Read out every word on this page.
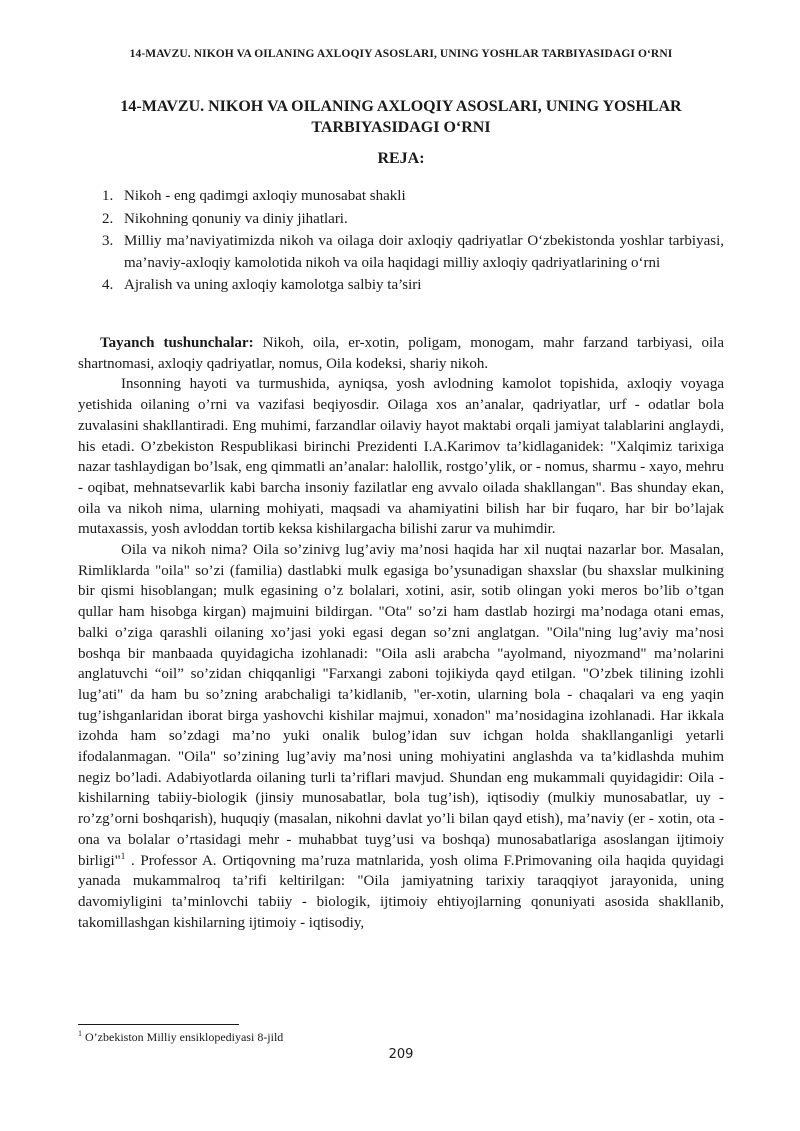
14-MAVZU. NIKOH VA OILANING AXLOQIY ASOSLARI, UNING YOSHLAR TARBIYASIDAGI O‘RNI
14-MAVZU. NIKOH VA OILANING AXLOQIY ASOSLARI, UNING YOSHLAR
TARBIYASIDAGI O‘RNI
REJA:
1. Nikoh - eng qadimgi axloqiy munosabat shakli
2. Nikohning qonuniy va diniy jihatlari.
3. Milliy ma’naviyatimizda nikoh va oilaga doir axloqiy qadriyatlar O‘zbekistonda yoshlar tarbiyasi, ma’naviy-axloqiy kamolotida nikoh va oila haqidagi milliy axloqiy qadriyatlarining o‘rni
4. Ajralish va uning axloqiy kamolotga salbiy ta’siri

Tayanch tushunchalar: Nikoh, oila, er-xotin, poligam, monogam, mahr farzand tarbiyasi, oila shartnomasi, axloqiy qadriyatlar, nomus, Oila kodeksi, shariy nikoh.

Insonning hayoti va turmushida, ayniqsa, yosh avlodning kamolot topishida, axloqiy voyaga yetishida oilaning o’rni va vazifasi beqiyosdir. Oilaga xos an’analar, qadriyatlar, urf - odatlar bola zuvalasini shakllantiradi. Eng muhimi, farzandlar oilaviy hayot maktabi orqali jamiyat talablarini anglaydi, his etadi. O’zbekiston Respublikasi birinchi Prezidenti I.A.Karimov ta’kidlaganidek: "Xalqimiz tarixiga nazar tashlaydigan bo’lsak, eng qimmatli an’analar: halollik, rostgo’ylik, or - nomus, sharmu - xayo, mehru - oqibat, mehnatsevarlik kabi barcha insoniy fazilatlar eng avvalo oilada shakllangan". Bas shunday ekan, oila va nikoh nima, ularning mohiyati, maqsadi va ahamiyatini bilish har bir fuqaro, har bir bo’lajak mutaxassis, yosh avloddan tortib keksa kishilargacha bilishi zarur va muhimdir.

Oila va nikoh nima? Oila so’zinivg lug’aviy ma’nosi haqida har xil nuqtai nazarlar bor. Masalan, Rimliklarda "oila" so’zi (familia) dastlabki mulk egasiga bo’ysunadigan shaxslar (bu shaxslar mulkining bir qismi hisoblangan; mulk egasining o’z bolalari, xotini, asir, sotib olingan yoki meros bo’lib o’tgan qullar ham hisobga kirgan) majmuini bildirgan. "Ota" so’zi ham dastlab hozirgi ma’nodaga otani emas, balki o’ziga qarashli oilaning xo’jasi yoki egasi degan so’zni anglatgan. "Oila"ning lug’aviy ma’nosi boshqa bir manbaada quyidagicha izohlanadi: "Oila asli arabcha "ayolmand, niyozmand" ma’nolarini anglatuvchi “oil” so’zidan chiqqanligi "Farxangi zaboni tojikiyda qayd etilgan. "O’zbek tilining izohli lug’ati" da ham bu so’zning arabchaligi ta’kidlanib, "er-xotin, ularning bola - chaqalari va eng yaqin tug’ishganlaridan iborat birga yashovchi kishilar majmui, xonadon" ma’nosidagina izohlanadi. Har ikkala izohda ham so’zdagi ma’no yuki onalik bulog’idan suv ichgan holda shakllanganligi yetarli ifodalanmagan. "Oila" so’zining lug’aviy ma’nosi uning mohiyatini anglashda va ta’kidlashda muhim negiz bo’ladi. Adabiyotlarda oilaning turli ta’riflari mavjud. Shundan eng mukammali quyidagidir: Oila - kishilarning tabiiy-biologik (jinsiy munosabatlar, bola tug’ish), iqtisodiy (mulkiy munosabatlar, uy - ro’zg’orni boshqarish), huquqiy (masalan, nikohni davlat yo’li bilan qayd etish), ma’naviy (er - xotin, ota - ona va bolalar o’rtasidagi mehr - muhabbat tuyg’usi va boshqa) munosabatlariga asoslangan ijtimoiy birligi"$^1$ . Professor A. Ortiqovning ma’ruza matnlarida, yosh olima F.Primovaning oila haqida quyidagi yanada mukammalroq ta’rifi keltirilgan: "Oila jamiyatning tarixiy taraqqiyot jarayonida, uning davomiyligini ta’minlovchi tabiiy - biologik, ijtimoiy ehtiyojlarning qonuniyati asosida shakllanib, takomillashgan kishilarning ijtimoiy - iqtisodiy,

$^1$ O’zbekiston Milliy ensiklopediyasi 8-jild
209
